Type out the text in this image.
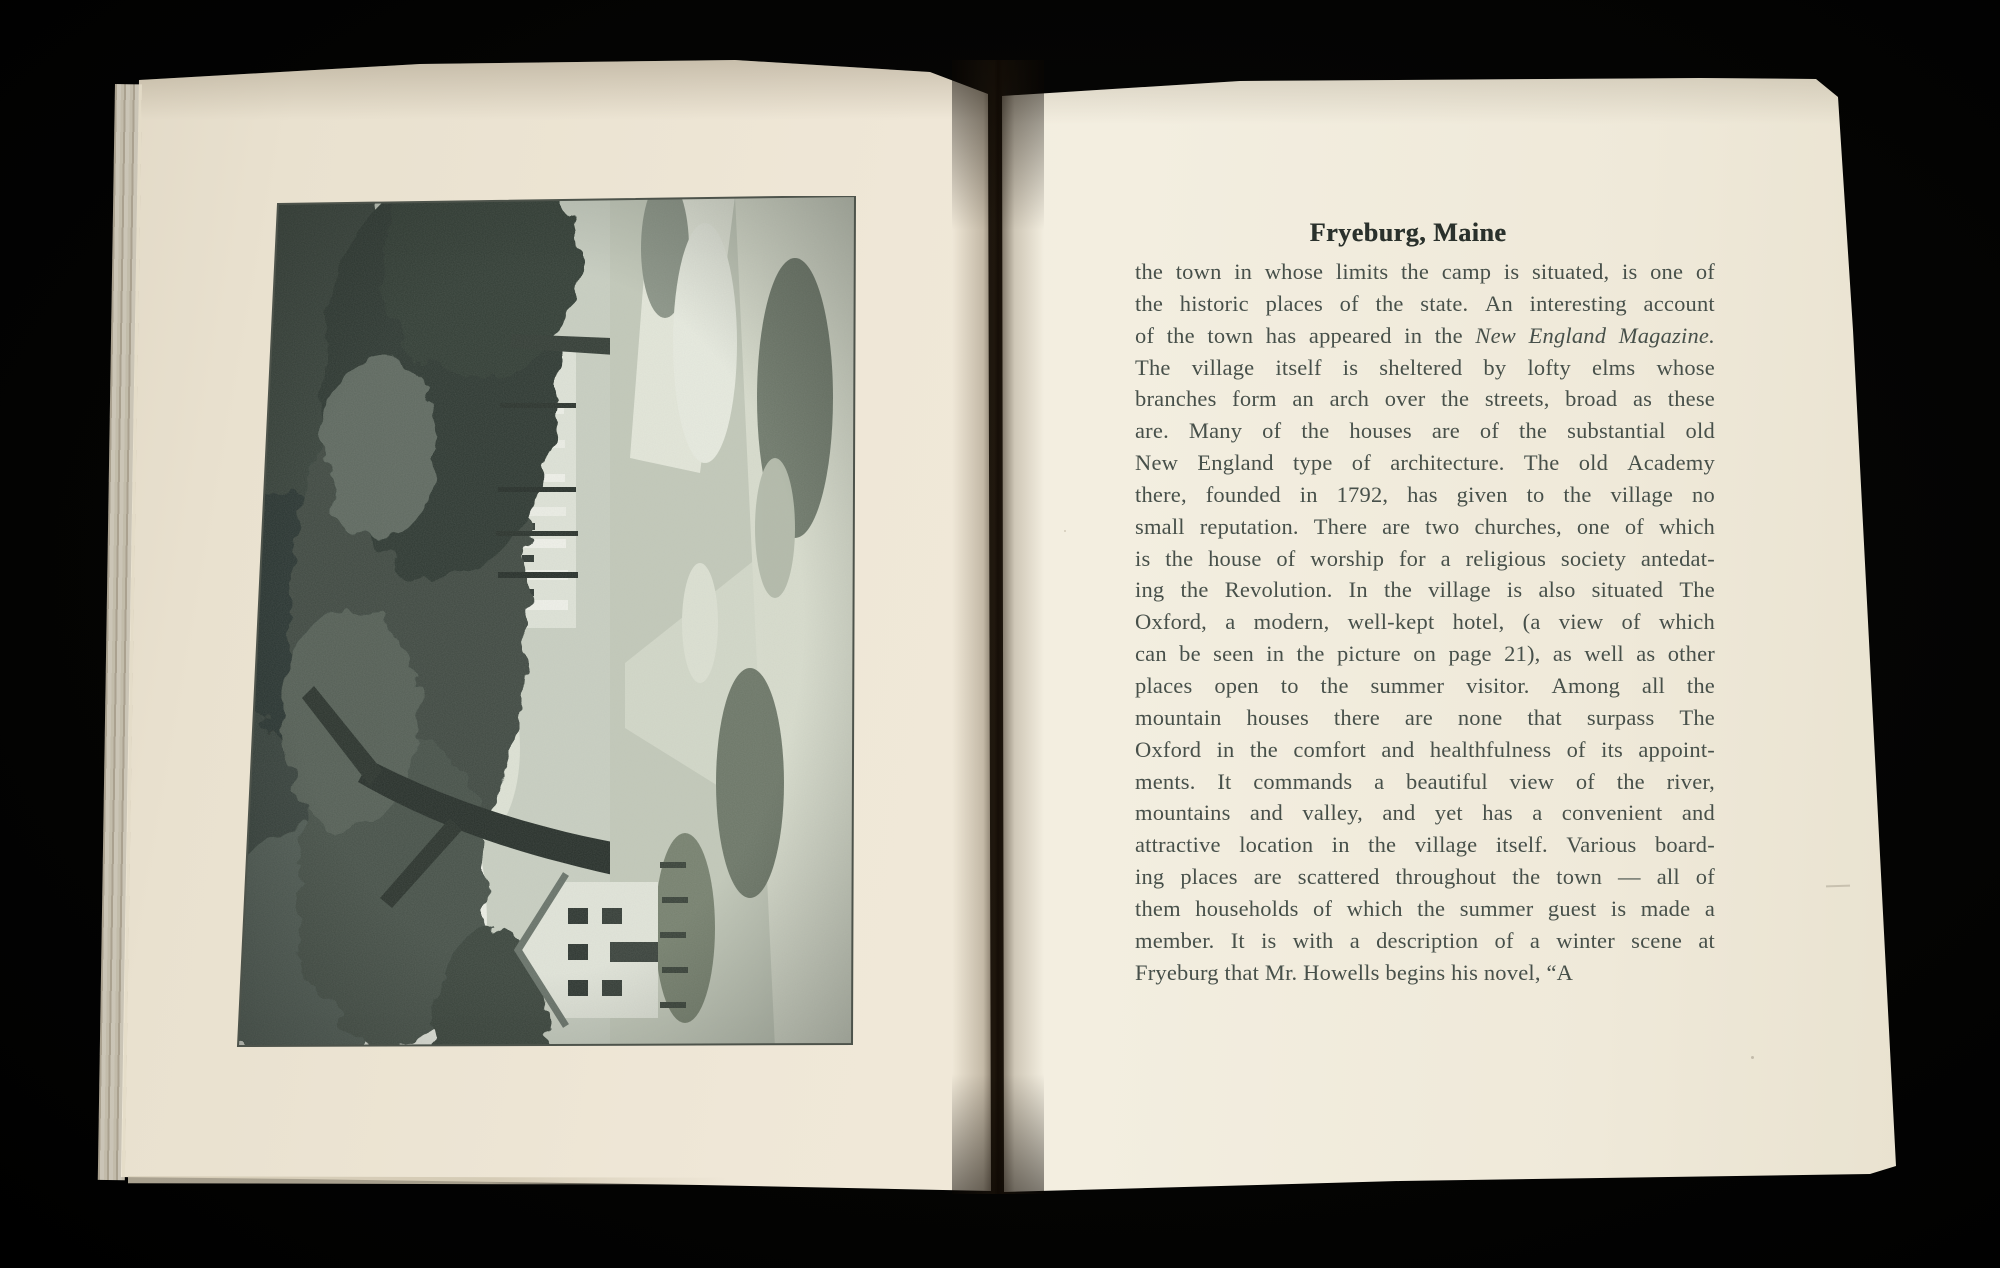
Fryeburg, Maine
the town in whose limits the camp is situated, is one of
the historic places of the state. An interesting account
of the town has appeared in the New England Magazine.
The village itself is sheltered by lofty elms whose
branches form an arch over the streets, broad as these
are. Many of the houses are of the substantial old
New England type of architecture. The old Academy
there, founded in 1792, has given to the village no
small reputation. There are two churches, one of which
is the house of worship for a religious society antedat-
ing the Revolution. In the village is also situated The
Oxford, a modern, well-kept hotel, (a view of which
can be seen in the picture on page 21), as well as other
places open to the summer visitor. Among all the
mountain houses there are none that surpass The
Oxford in the comfort and healthfulness of its appoint-
ments. It commands a beautiful view of the river,
mountains and valley, and yet has a convenient and
attractive location in the village itself. Various board-
ing places are scattered throughout the town — all of
them households of which the summer guest is made a
member. It is with a description of a winter scene at
Fryeburg that Mr. Howells begins his novel, “A
